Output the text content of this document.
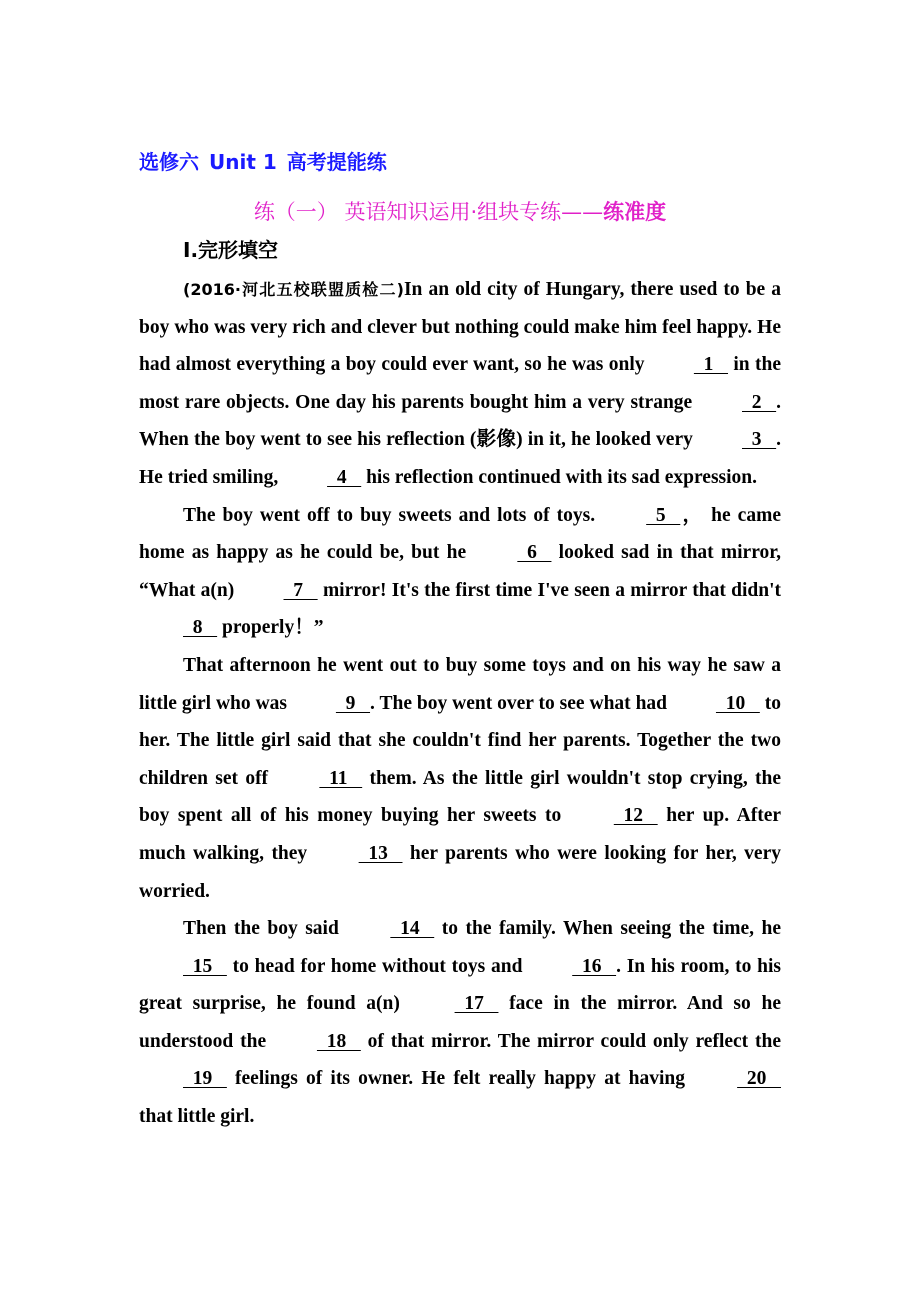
选修六 Unit 1 高考提能练
练（一） 英语知识运用·组块专练——练准度
Ⅰ.完形填空

(2016·河北五校联盟质检二)In an old city of Hungary, there used to be a boy who was very rich and clever but nothing could make him feel happy. He had almost everything a boy could ever want, so he was only   1    in the most rare objects. One day his parents bought him a very strange   2   . When the boy went to see his reflection (影像) in it, he looked very   3   . He tried smiling,   4    his reflection continued with its sad expression.

The boy went off to buy sweets and lots of toys.   5   ， he came home as happy as he could be, but he   6    looked sad in that mirror, “What a(n)   7    mirror! It's the first time I've seen a mirror that didn't   8    properly！”

That afternoon he went out to buy some toys and on his way he saw a little girl who was   9   . The boy went over to see what had   10    to her. The little girl said that she couldn't find her parents. Together the two children set off   11    them. As the little girl wouldn't stop crying, the boy spent all of his money buying her sweets to   12    her up. After much walking, they   13    her parents who were looking for her, very worried.

Then the boy said   14    to the family. When seeing the time, he   15    to head for home without toys and   16   . In his room, to his great surprise, he found a(n)   17    face in the mirror. And so he understood the   18    of that mirror. The mirror could only reflect the   19    feelings of its owner. He felt really happy at having   20    that little girl.
